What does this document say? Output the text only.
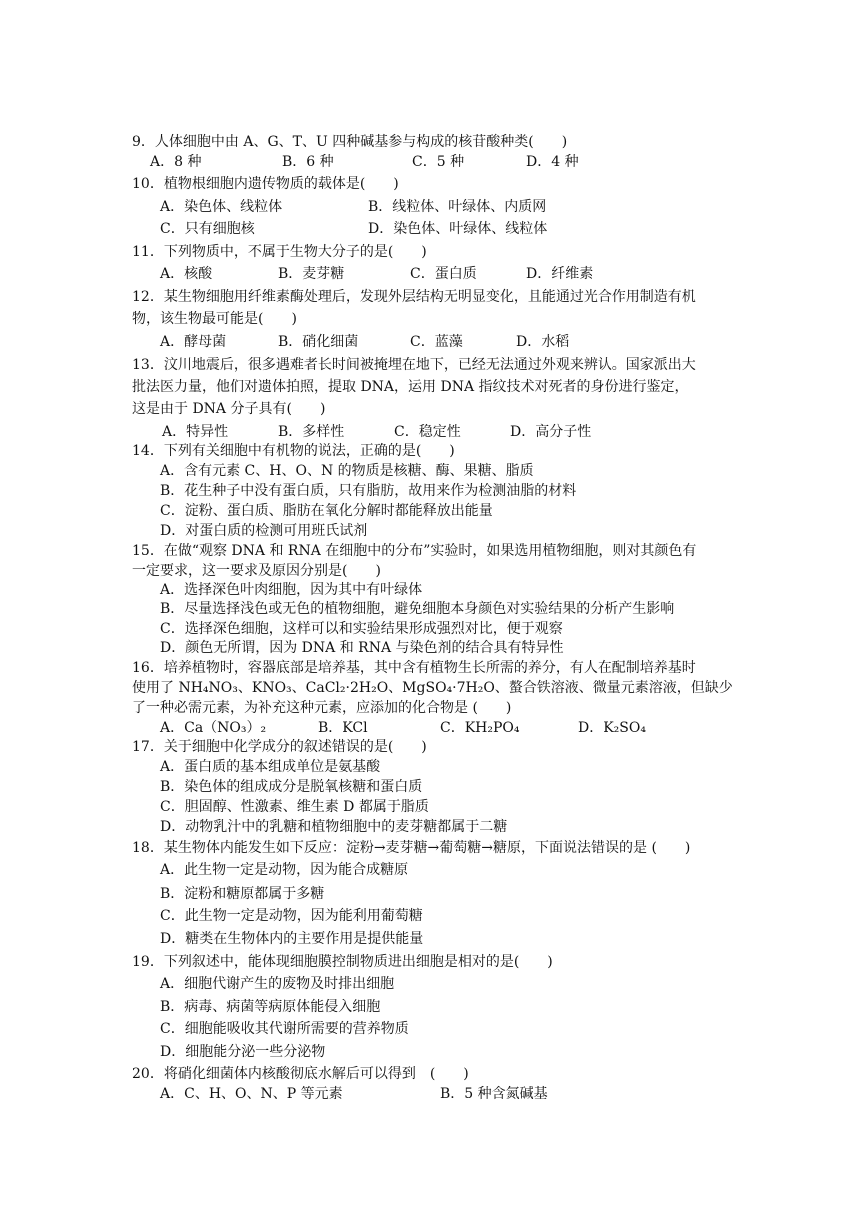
9．人体细胞中由 A、G、T、U 四种碱基参与构成的核苷酸种类(　　)
A．8 种	B．6 种	C．5 种	D．4 种
10．植物根细胞内遗传物质的载体是(　　)
A．染色体、线粒体	B．线粒体、叶绿体、内质网
C．只有细胞核	D．染色体、叶绿体、线粒体
11．下列物质中，不属于生物大分子的是(　　)
A．核酸	B．麦芽糖	C．蛋白质	D．纤维素
12．某生物细胞用纤维素酶处理后，发现外层结构无明显变化，且能通过光合作用制造有机
物，该生物最可能是(　　)
A．酵母菌	B．硝化细菌	C．蓝藻	D．水稻
13．汶川地震后，很多遇难者长时间被掩埋在地下，已经无法通过外观来辨认。国家派出大
批法医力量，他们对遗体拍照，提取 DNA，运用 DNA 指纹技术对死者的身份进行鉴定，
这是由于 DNA 分子具有(　　)
A．特异性	B．多样性	C．稳定性	D．高分子性
14．下列有关细胞中有机物的说法，正确的是(　　)
A．含有元素 C、H、O、N 的物质是核糖、酶、果糖、脂质
B．花生种子中没有蛋白质，只有脂肪，故用来作为检测油脂的材料
C．淀粉、蛋白质、脂肪在氧化分解时都能释放出能量
D．对蛋白质的检测可用班氏试剂
15．在做“观察 DNA 和 RNA 在细胞中的分布”实验时，如果选用植物细胞，则对其颜色有
一定要求，这一要求及原因分别是(　　)
A．选择深色叶肉细胞，因为其中有叶绿体
B．尽量选择浅色或无色的植物细胞，避免细胞本身颜色对实验结果的分析产生影响
C．选择深色细胞，这样可以和实验结果形成强烈对比，便于观察
D．颜色无所谓，因为 DNA 和 RNA 与染色剂的结合具有特异性
16．培养植物时，容器底部是培养基，其中含有植物生长所需的养分，有人在配制培养基时
使用了 NH₄NO₃、KNO₃、CaCl₂·2H₂O、MgSO₄·7H₂O、螯合铁溶液、微量元素溶液，但缺少
了一种必需元素，为补充这种元素，应添加的化合物是 (　　)
A．Ca（NO₃）₂	B．KCl	C．KH₂PO₄	D．K₂SO₄
17．关于细胞中化学成分的叙述错误的是(　　)
A．蛋白质的基本组成单位是氨基酸
B．染色体的组成成分是脱氧核糖和蛋白质
C．胆固醇、性激素、维生素 D 都属于脂质
D．动物乳汁中的乳糖和植物细胞中的麦芽糖都属于二糖
18．某生物体内能发生如下反应：淀粉→麦芽糖→葡萄糖→糖原，下面说法错误的是 (　　)
A．此生物一定是动物，因为能合成糖原
B．淀粉和糖原都属于多糖
C．此生物一定是动物，因为能利用葡萄糖
D．糖类在生物体内的主要作用是提供能量
19．下列叙述中，能体现细胞膜控制物质进出细胞是相对的是(　　)
A．细胞代谢产生的废物及时排出细胞
B．病毒、病菌等病原体能侵入细胞
C．细胞能吸收其代谢所需要的营养物质
D．细胞能分泌一些分泌物
20．将硝化细菌体内核酸彻底水解后可以得到　(　　)
A．C、H、O、N、P 等元素	B．5 种含氮碱基
